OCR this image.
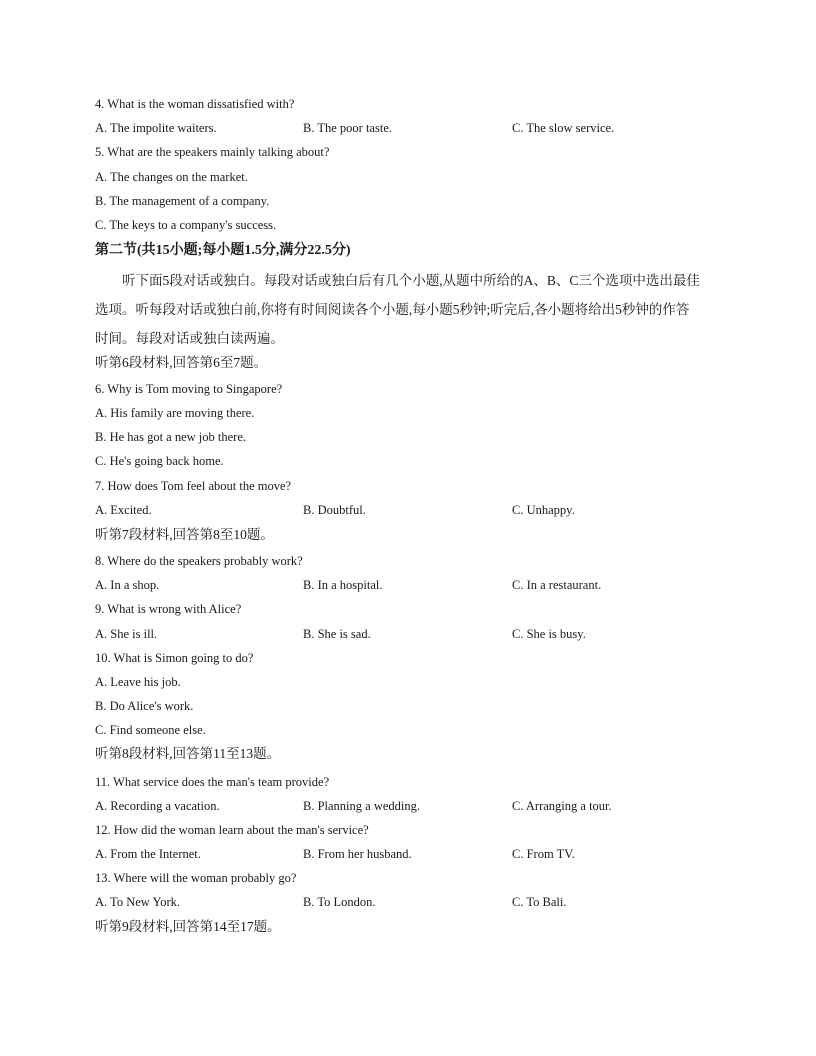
4. What is the woman dissatisfied with?
A. The impolite waiters.	B. The poor taste.	C. The slow service.
5. What are the speakers mainly talking about?
A. The changes on the market.
B. The management of a company.
C. The keys to a company's success.
第二节(共15小题;每小题1.5分,满分22.5分)
听下面5段对话或独白。每段对话或独白后有几个小题,从题中所给的A、B、C三个选项中选出最佳
选项。听每段对话或独白前,你将有时间阅读各个小题,每小题5秒钟;听完后,各小题将给出5秒钟的作答
时间。每段对话或独白读两遍。
听第6段材料,回答第6至7题。
6. Why is Tom moving to Singapore?
A. His family are moving there.
B. He has got a new job there.
C. He's going back home.
7. How does Tom feel about the move?
A. Excited.	B. Doubtful.	C. Unhappy.
听第7段材料,回答第8至10题。
8. Where do the speakers probably work?
A. In a shop.	B. In a hospital.	C. In a restaurant.
9. What is wrong with Alice?
A. She is ill.	B. She is sad.	C. She is busy.
10. What is Simon going to do?
A. Leave his job.
B. Do Alice's work.
C. Find someone else.
听第8段材料,回答第11至13题。
11. What service does the man's team provide?
A. Recording a vacation.	B. Planning a wedding.	C. Arranging a tour.
12. How did the woman learn about the man's service?
A. From the Internet.	B. From her husband.	C. From TV.
13. Where will the woman probably go?
A. To New York.	B. To London.	C. To Bali.
听第9段材料,回答第14至17题。
